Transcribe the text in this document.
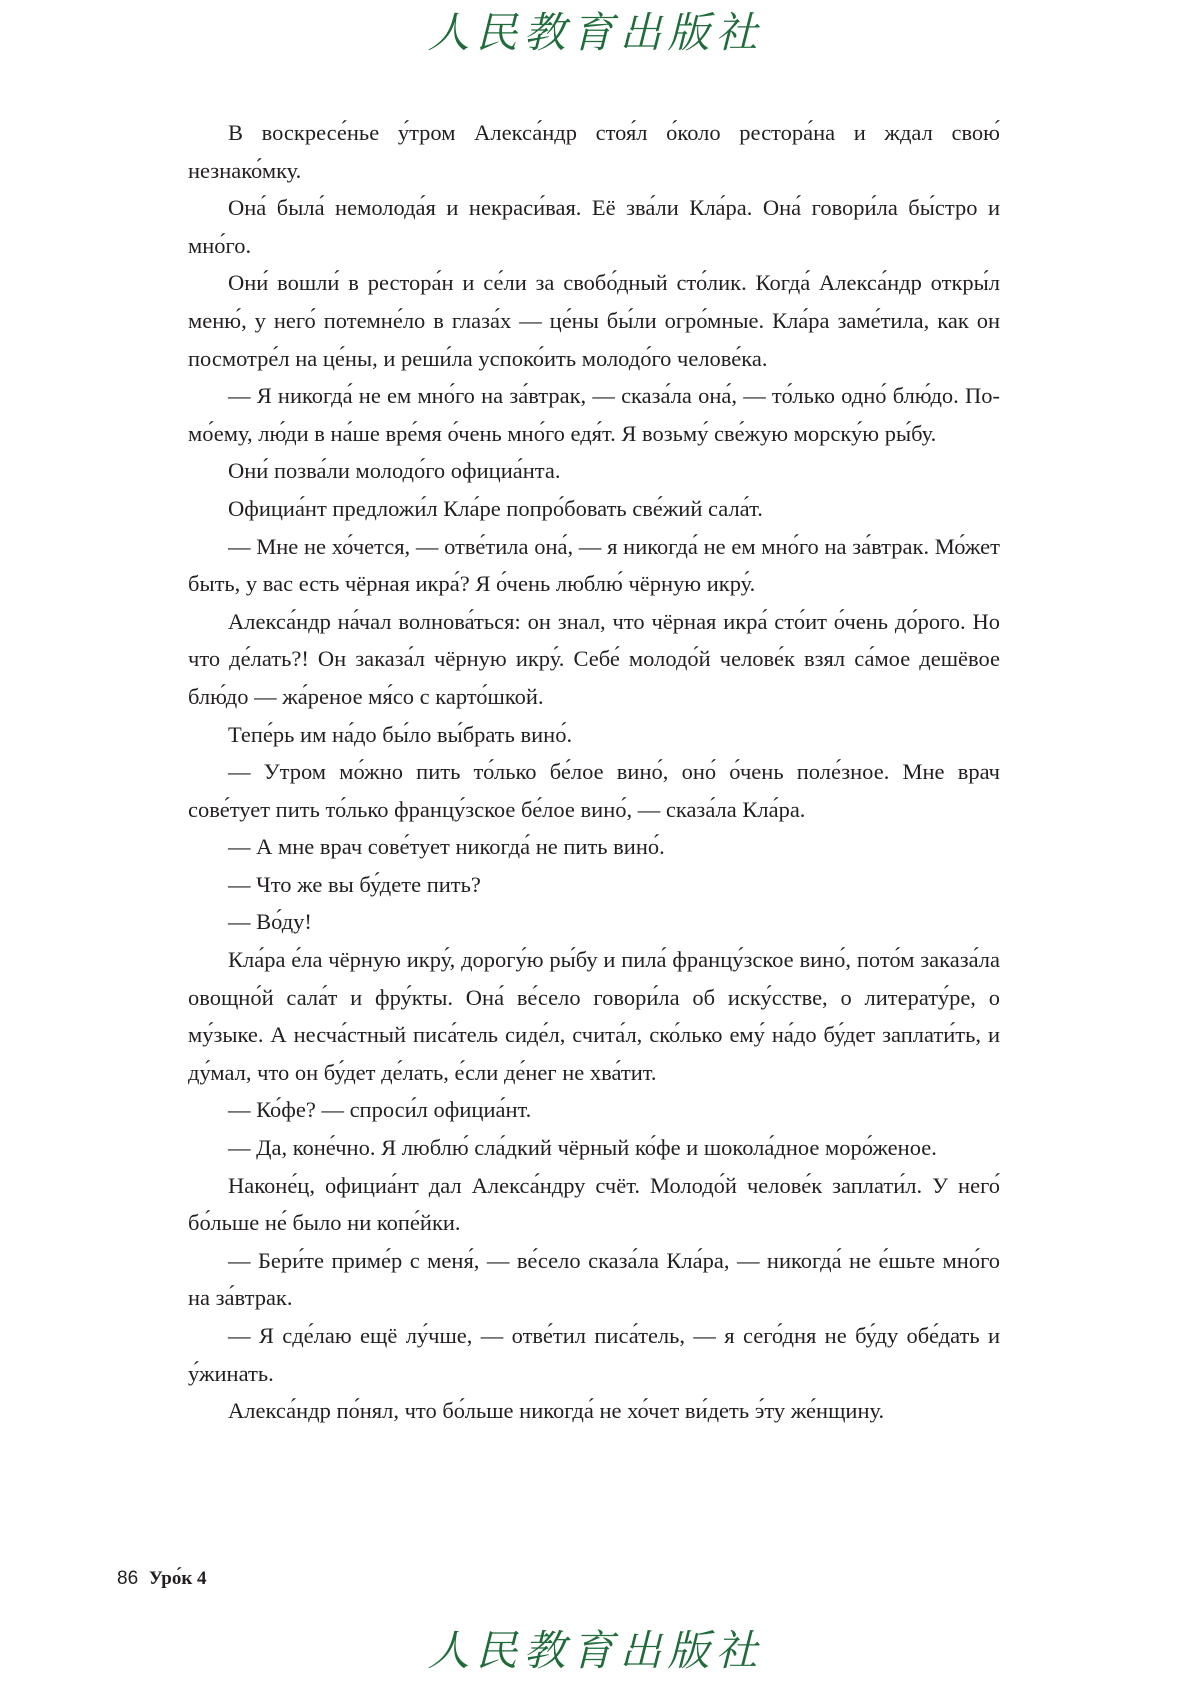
人民教育出版社

В воскресе́нье у́тром Алекса́ндр стоя́л о́коло рестора́на и ждал свою́ незнако́мку.

Она́ была́ немолода́я и некраси́вая. Её зва́ли Кла́ра. Она́ говори́ла бы́стро и мно́го.

Они́ вошли́ в рестора́н и се́ли за свобо́дный сто́лик. Когда́ Алекса́ндр откры́л меню́, у него́ потемне́ло в глаза́х — це́ны бы́ли огро́мные. Кла́ра заме́тила, как он посмотре́л на це́ны, и реши́ла успоко́ить молодо́го челове́ка.

— Я никогда́ не ем мно́го на за́втрак, — сказа́ла она́, — то́лько одно́ блю́до. По-мо́ему, лю́ди в на́ше вре́мя о́чень мно́го едя́т. Я возьму́ све́жую морску́ю ры́бу.

Они́ позва́ли молодо́го официа́нта.

Официа́нт предложи́л Кла́ре попро́бовать све́жий сала́т.

— Мне не хо́чется, — отве́тила она́, — я никогда́ не ем мно́го на за́втрак. Мо́жет быть, у вас есть чёрная икра́? Я о́чень люблю́ чёрную икру́.

Алекса́ндр на́чал волнова́ться: он знал, что чёрная икра́ сто́ит о́чень до́рого. Но что де́лать?! Он заказа́л чёрную икру́. Себе́ молодо́й челове́к взял са́мое дешёвое блю́до — жа́реное мя́со с карто́шкой.

Тепе́рь им на́до бы́ло вы́брать вино́.

— Утром мо́жно пить то́лько бе́лое вино́, оно́ о́чень поле́зное. Мне врач сове́тует пить то́лько францу́зское бе́лое вино́, — сказа́ла Кла́ра.

— А мне врач сове́тует никогда́ не пить вино́.

— Что же вы бу́дете пить?

— Во́ду!

Кла́ра е́ла чёрную икру́, дорогу́ю ры́бу и пила́ францу́зское вино́, пото́м заказа́ла овощно́й сала́т и фру́кты. Она́ ве́село говори́ла об иску́сстве, о литерату́ре, о му́зыке. А несча́стный писа́тель сиде́л, счита́л, ско́лько ему́ на́до бу́дет заплати́ть, и ду́мал, что он бу́дет де́лать, е́сли де́нег не хва́тит.

— Ко́фе? — спроси́л официа́нт.

— Да, коне́чно. Я люблю́ сла́дкий чёрный ко́фе и шокола́дное моро́женое.

Наконе́ц, официа́нт дал Алекса́ндру счёт. Молодо́й челове́к заплати́л. У него́ бо́льше не́ было ни копе́йки.

— Бери́те приме́р с меня́, — ве́село сказа́ла Кла́ра, — никогда́ не е́шьте мно́го на за́втрак.

— Я сде́лаю ещё лу́чше, — отве́тил писа́тель, — я сего́дня не бу́ду обе́дать и у́жинать.

Алекса́ндр по́нял, что бо́льше никогда́ не хо́чет ви́деть э́ту же́нщину.

86 Уро́к 4
人民教育出版社
